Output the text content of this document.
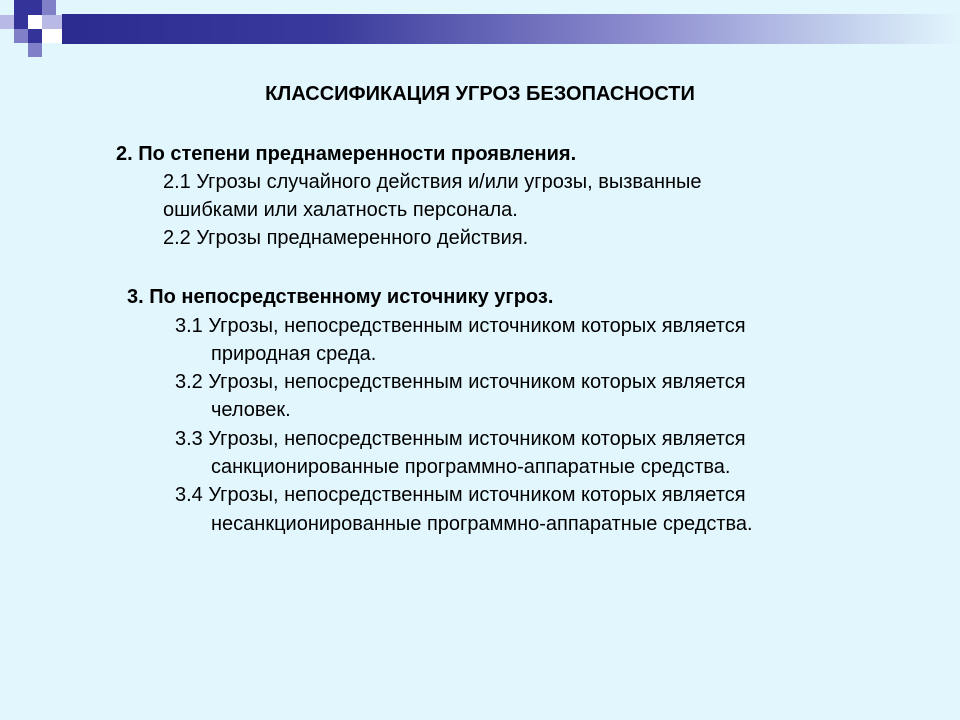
КЛАССИФИКАЦИЯ УГРОЗ БЕЗОПАСНОСТИ
2. По степени преднамеренности проявления.
2.1 Угрозы случайного действия и/или угрозы, вызванные
ошибками или халатность персонала.
2.2 Угрозы преднамеренного действия.
3. По непосредственному источнику угроз.
3.1 Угрозы, непосредственным источником которых является
природная среда.
3.2 Угрозы, непосредственным источником которых является
человек.
3.3 Угрозы, непосредственным источником которых является
санкционированные программно-аппаратные средства.
3.4 Угрозы, непосредственным источником которых является
несанкционированные программно-аппаратные средства.
